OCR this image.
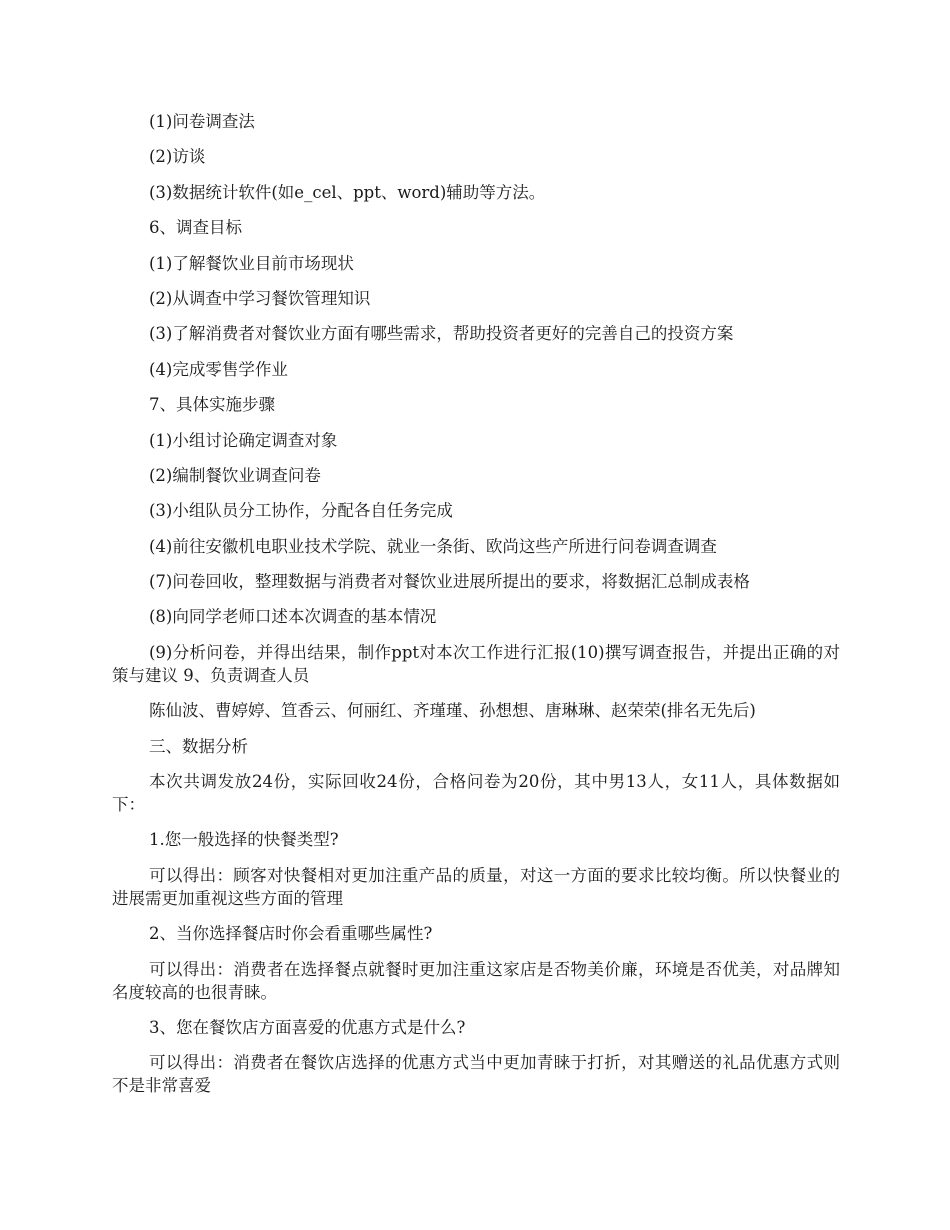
(1)问卷调查法

(2)访谈

(3)数据统计软件(如e_cel、ppt、word)辅助等方法。

6、调查目标

(1)了解餐饮业目前市场现状

(2)从调查中学习餐饮管理知识

(3)了解消费者对餐饮业方面有哪些需求，帮助投资者更好的完善自己的投资方案

(4)完成零售学作业

7、具体实施步骤

(1)小组讨论确定调查对象

(2)编制餐饮业调查问卷

(3)小组队员分工协作，分配各自任务完成

(4)前往安徽机电职业技术学院、就业一条街、欧尚这些产所进行问卷调查调查

(7)问卷回收，整理数据与消费者对餐饮业进展所提出的要求，将数据汇总制成表格

(8)向同学老师口述本次调查的基本情况

(9)分析问卷，并得出结果，制作ppt对本次工作进行汇报(10)撰写调查报告，并提出正确的对策与建议 9、负责调查人员

陈仙波、曹婷婷、笪香云、何丽红、齐瑾瑾、孙想想、唐琳琳、赵荣荣(排名无先后)

三、数据分析

本次共调发放24份，实际回收24份，合格问卷为20份，其中男13人，女11人，具体数据如下：

1.您一般选择的快餐类型?

可以得出：顾客对快餐相对更加注重产品的质量，对这一方面的要求比较均衡。所以快餐业的进展需更加重视这些方面的管理

2、当你选择餐店时你会看重哪些属性?

可以得出：消费者在选择餐点就餐时更加注重这家店是否物美价廉，环境是否优美，对品牌知名度较高的也很青睐。

3、您在餐饮店方面喜爱的优惠方式是什么?

可以得出：消费者在餐饮店选择的优惠方式当中更加青睐于打折，对其赠送的礼品优惠方式则不是非常喜爱
